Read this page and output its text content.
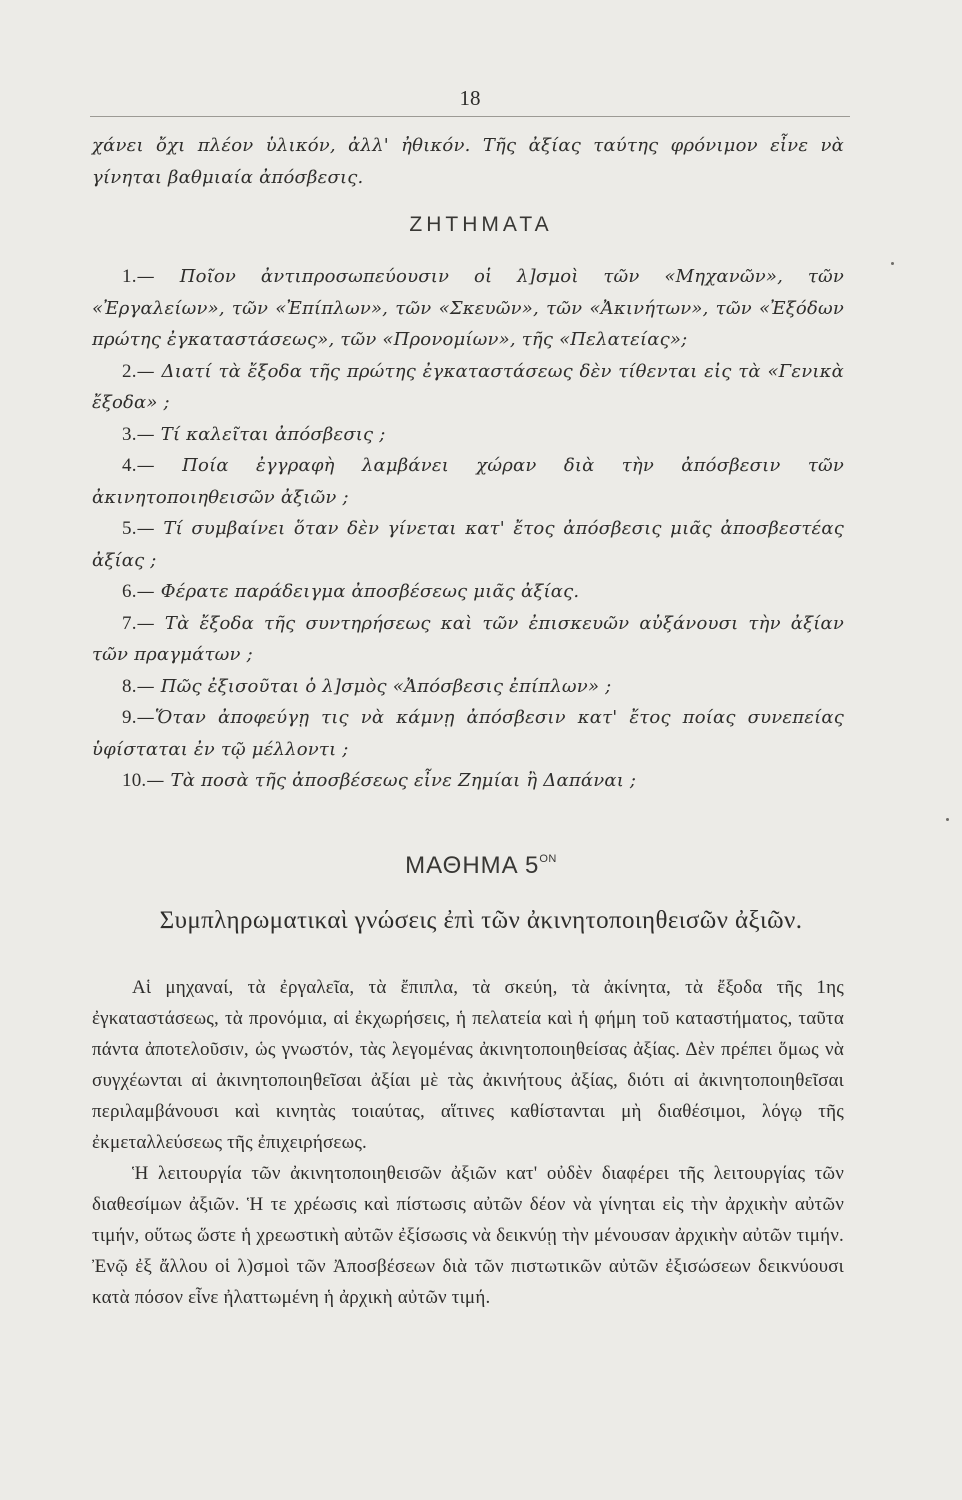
18

χάνει ὄχι πλέον ὑλικόν, ἀλλ' ἠθικόν. Τῆς ἀξίας ταύτης φρόνιμον εἶνε νὰ γίνηται βαθμιαία ἀπόσβεσις.

ΖΗΤΗΜΑΤΑ

1.— Ποῖον ἀντιπροσωπεύουσιν οἱ λ]σμοὶ τῶν «Μηχανῶν», τῶν «Ἐργαλείων», τῶν «Ἐπίπλων», τῶν «Σκευῶν», τῶν «Ἀκινήτων», τῶν «Ἐξόδων πρώτης ἐγκαταστάσεως», τῶν «Προνομίων», τῆς «Πελατείας»;

2.— Διατί τὰ ἔξοδα τῆς πρώτης ἐγκαταστάσεως δὲν τίθενται εἰς τὰ «Γενικὰ ἔξοδα» ;

3.— Τί καλεῖται ἀπόσβεσις ;

4.— Ποία ἐγγραφὴ λαμβάνει χώραν διὰ τὴν ἀπόσβεσιν τῶν ἀκινητοποιηθεισῶν ἀξιῶν ;

5.— Τί συμβαίνει ὅταν δὲν γίνεται κατ' ἔτος ἀπόσβεσις μιᾶς ἀποσβεστέας ἀξίας ;

6.— Φέρατε παράδειγμα ἀποσβέσεως μιᾶς ἀξίας.

7.— Τὰ ἔξοδα τῆς συντηρήσεως καὶ τῶν ἐπισκευῶν αὐξάνουσι τὴν ἀξίαν τῶν πραγμάτων ;

8.— Πῶς ἐξισοῦται ὁ λ]σμὸς «Ἀπόσβεσις ἐπίπλων» ;

9.—Ὅταν ἀποφεύγῃ τις νὰ κάμνῃ ἀπόσβεσιν κατ' ἔτος ποίας συνεπείας ὑφίσταται ἐν τῷ μέλλοντι ;

10.— Τὰ ποσὰ τῆς ἀποσβέσεως εἶνε Ζημίαι ἢ Δαπάναι ;

ΜΑΘΗΜΑ $5^{ON}$
Συμπληρωματικαὶ γνώσεις ἐπὶ τῶν ἀκινητοποιηθεισῶν ἀξιῶν.

Αἱ μηχαναί, τὰ ἐργαλεῖα, τὰ ἔπιπλα, τὰ σκεύη, τὰ ἀκίνητα, τὰ ἔξοδα τῆς 1ης ἐγκαταστάσεως, τὰ προνόμια, αἱ ἐκχωρήσεις, ἡ πελατεία καὶ ἡ φήμη τοῦ καταστήματος, ταῦτα πάντα ἀποτελοῦσιν, ὡς γνωστόν, τὰς λεγομένας ἀκινητοποιηθείσας ἀξίας. Δὲν πρέπει ὅμως νὰ συγχέωνται αἱ ἀκινητοποιηθεῖσαι ἀξίαι μὲ τὰς ἀκινήτους ἀξίας, διότι αἱ ἀκινητοποιηθεῖσαι περιλαμβάνουσι καὶ κινητὰς τοιαύτας, αἵτινες καθίστανται μὴ διαθέσιμοι, λόγῳ τῆς ἐκμεταλλεύσεως τῆς ἐπιχειρήσεως.

Ἡ λειτουργία τῶν ἀκινητοποιηθεισῶν ἀξιῶν κατ' οὐδὲν διαφέρει τῆς λειτουργίας τῶν διαθεσίμων ἀξιῶν. Ἡ τε χρέωσις καὶ πίστωσις αὐτῶν δέον νὰ γίνηται εἰς τὴν ἀρχικὴν αὐτῶν τιμήν, οὕτως ὥστε ἡ χρεωστικὴ αὐτῶν ἐξίσωσις νὰ δεικνύῃ τὴν μένουσαν ἀρχικὴν αὐτῶν τιμήν. Ἐνῷ ἐξ ἄλλου οἱ λ)σμοὶ τῶν Ἀποσβέσεων διὰ τῶν πιστωτικῶν αὐτῶν ἐξισώσεων δεικνύουσι κατὰ πόσον εἶνε ἠλαττωμένη ἡ ἀρχικὴ αὐτῶν τιμή.
